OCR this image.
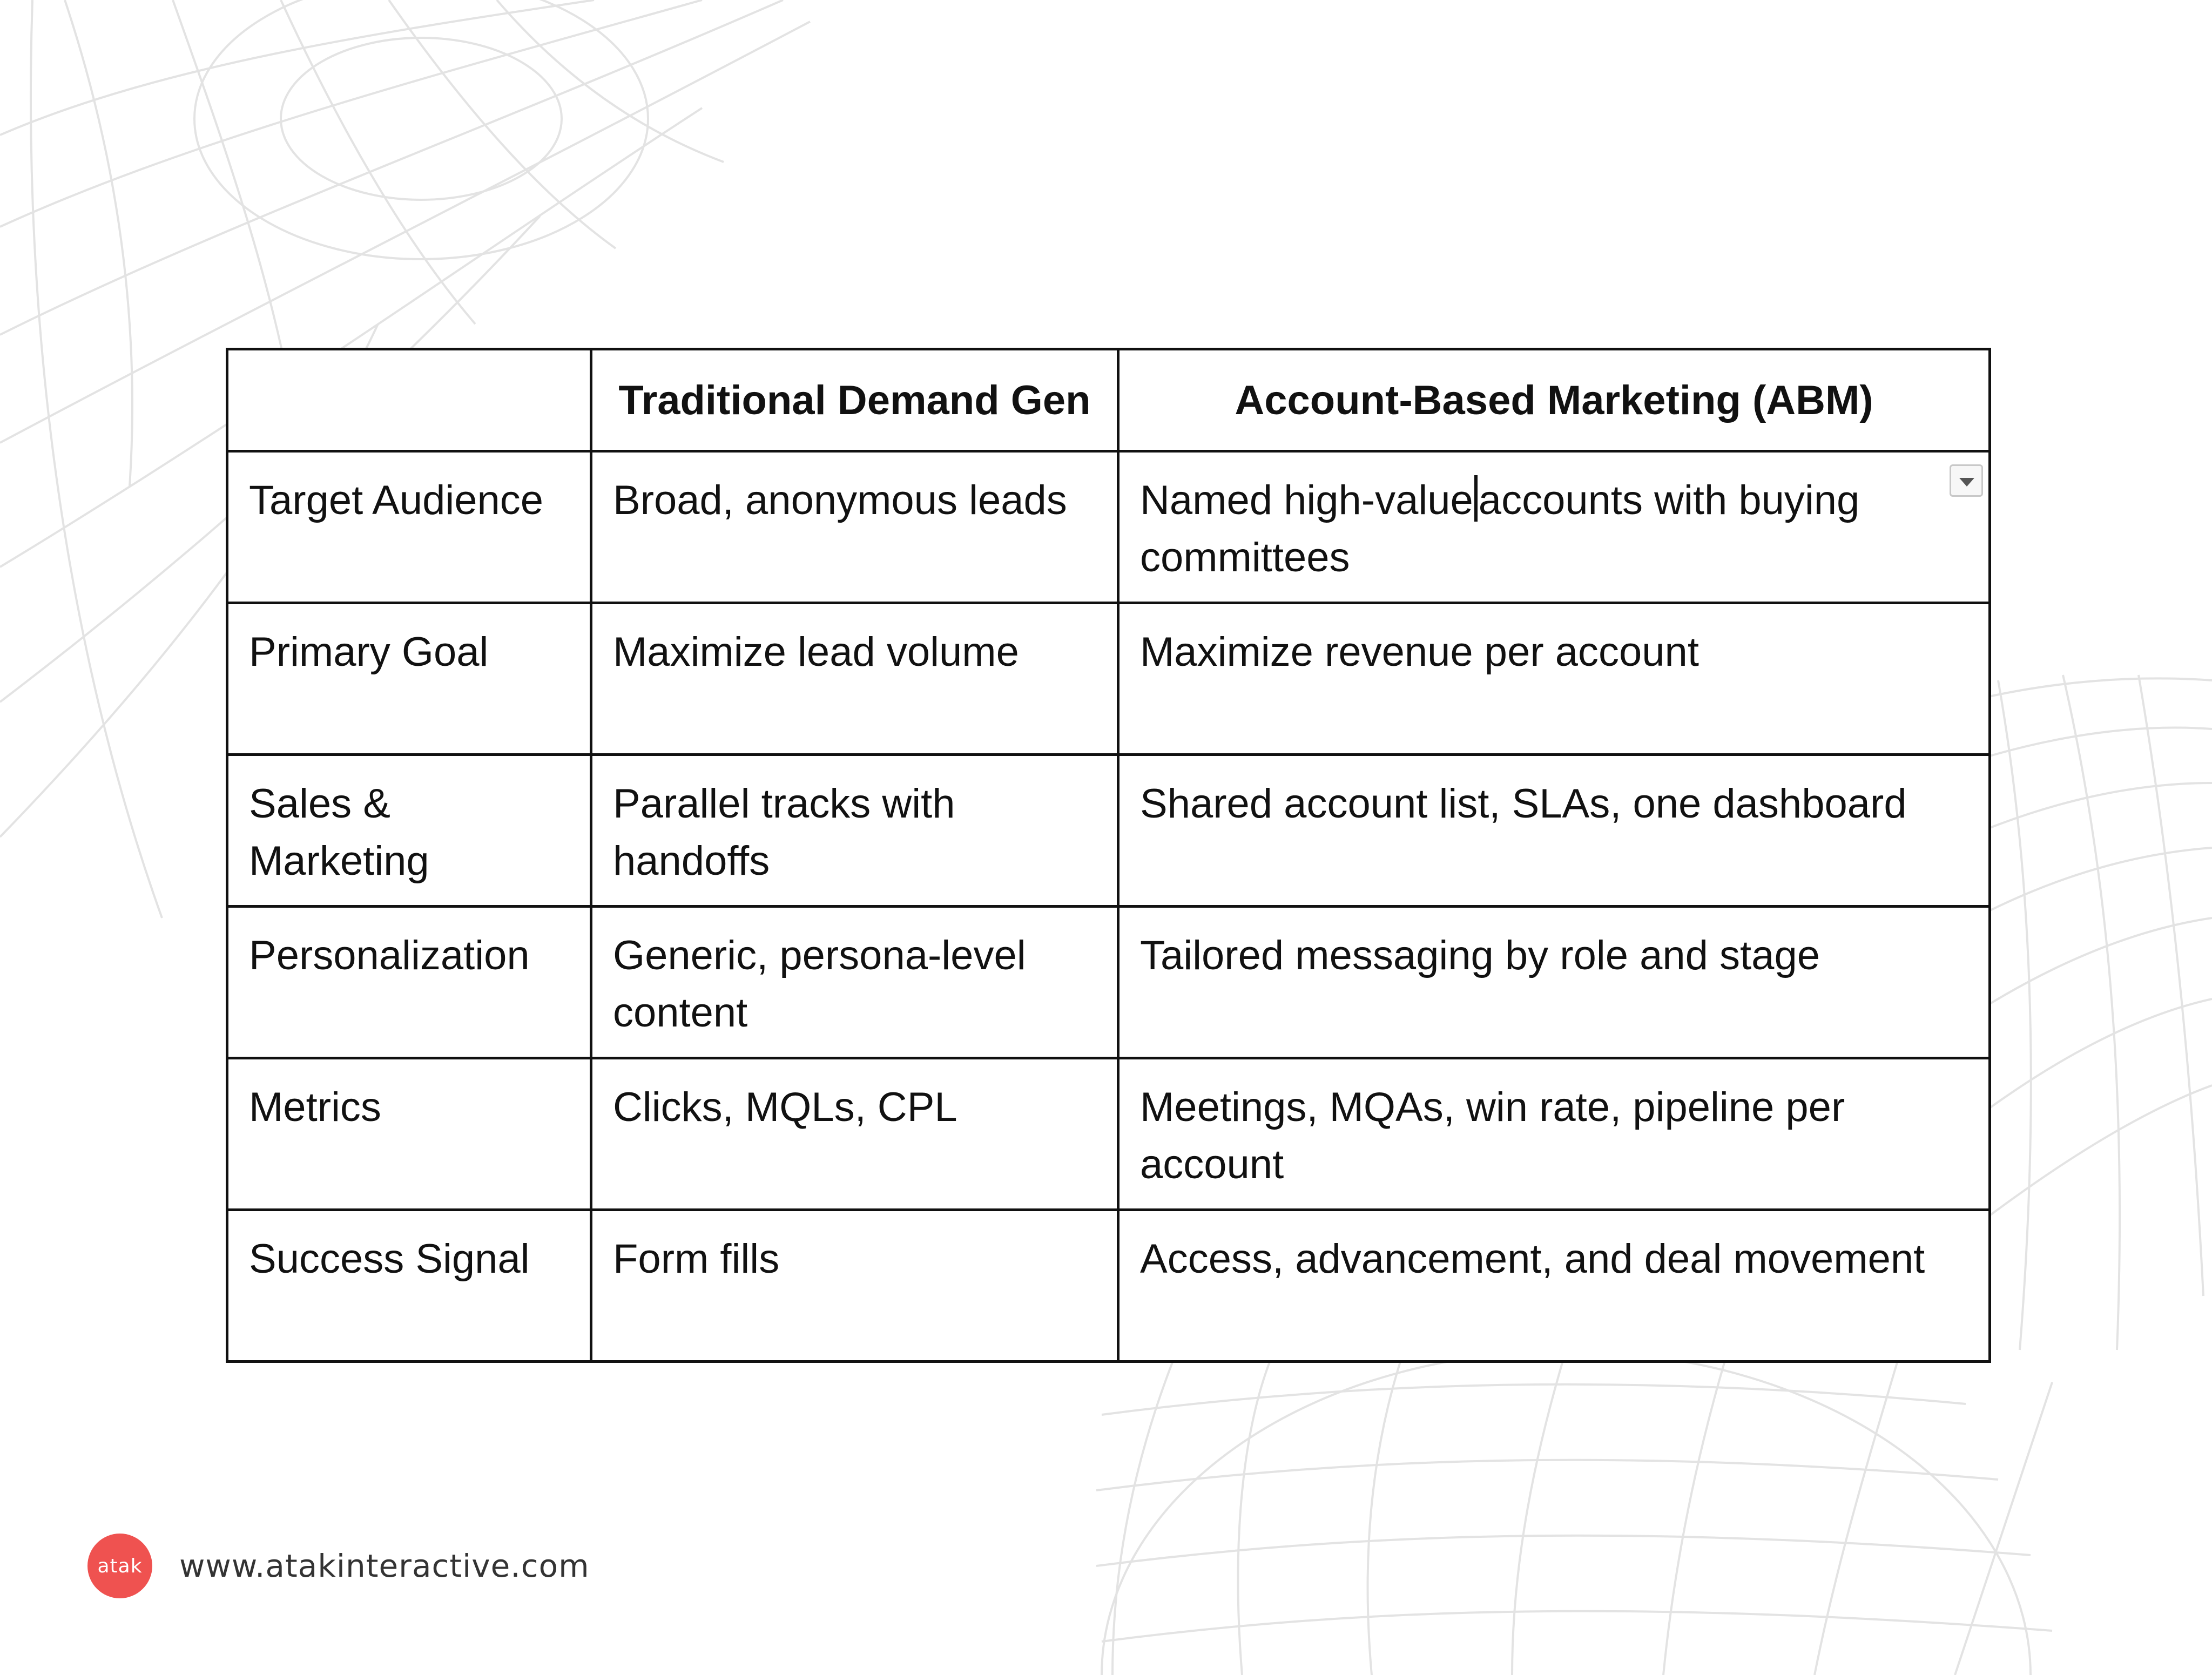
	Traditional Demand Gen	Account-Based Marketing (ABM)
Target Audience	Broad, anonymous leads	Named high-value accounts with buying committees

Primary Goal	Maximize lead volume	Maximize revenue per account
Sales & Marketing	Parallel tracks with handoffs	Shared account list, SLAs, one dashboard
Personalization	Generic, persona-level content	Tailored messaging by role and stage
Metrics	Clicks, MQLs, CPL	Meetings, MQAs, win rate, pipeline per account
Success Signal	Form fills	Access, advancement, and deal movement
atak www.atakinteractive.com
